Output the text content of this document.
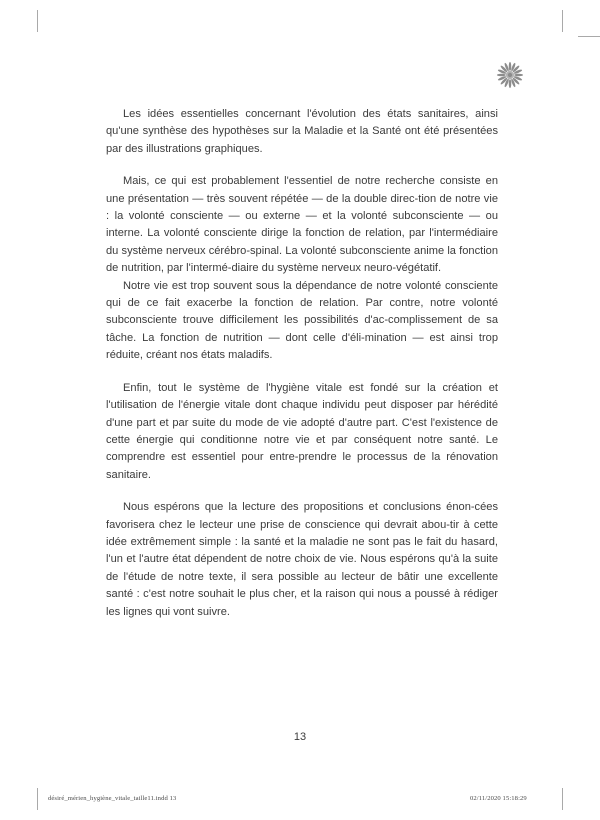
Les idées essentielles concernant l'évolution des états sanitaires, ainsi qu'une synthèse des hypothèses sur la Maladie et la Santé ont été présentées par des illustrations graphiques.

Mais, ce qui est probablement l'essentiel de notre recherche consiste en une présentation — très souvent répétée — de la double direc-tion de notre vie : la volonté consciente — ou externe — et la volonté subconsciente — ou interne. La volonté consciente dirige la fonction de relation, par l'intermédiaire du système nerveux cérébro-spinal. La volonté subconsciente anime la fonction de nutrition, par l'intermé-diaire du système nerveux neuro-végétatif.

Notre vie est trop souvent sous la dépendance de notre volonté consciente qui de ce fait exacerbe la fonction de relation. Par contre, notre volonté subconsciente trouve difficilement les possibilités d'ac-complissement de sa tâche. La fonction de nutrition — dont celle d'éli-mination — est ainsi trop réduite, créant nos états maladifs.

Enfin, tout le système de l'hygiène vitale est fondé sur la création et l'utilisation de l'énergie vitale dont chaque individu peut disposer par hérédité d'une part et par suite du mode de vie adopté d'autre part. C'est l'existence de cette énergie qui conditionne notre vie et par conséquent notre santé. Le comprendre est essentiel pour entre-prendre le processus de la rénovation sanitaire.

Nous espérons que la lecture des propositions et conclusions énon-cées favorisera chez le lecteur une prise de conscience qui devrait abou-tir à cette idée extrêmement simple : la santé et la maladie ne sont pas le fait du hasard, l'un et l'autre état dépendent de notre choix de vie. Nous espérons qu'à la suite de l'étude de notre texte, il sera possible au lecteur de bâtir une excellente santé : c'est notre souhait le plus cher, et la raison qui nous a poussé à rédiger les lignes qui vont suivre.

13
désiré_mérien_hygiène_vitale_taille11.indd 13	02/11/2020 15:18:29
